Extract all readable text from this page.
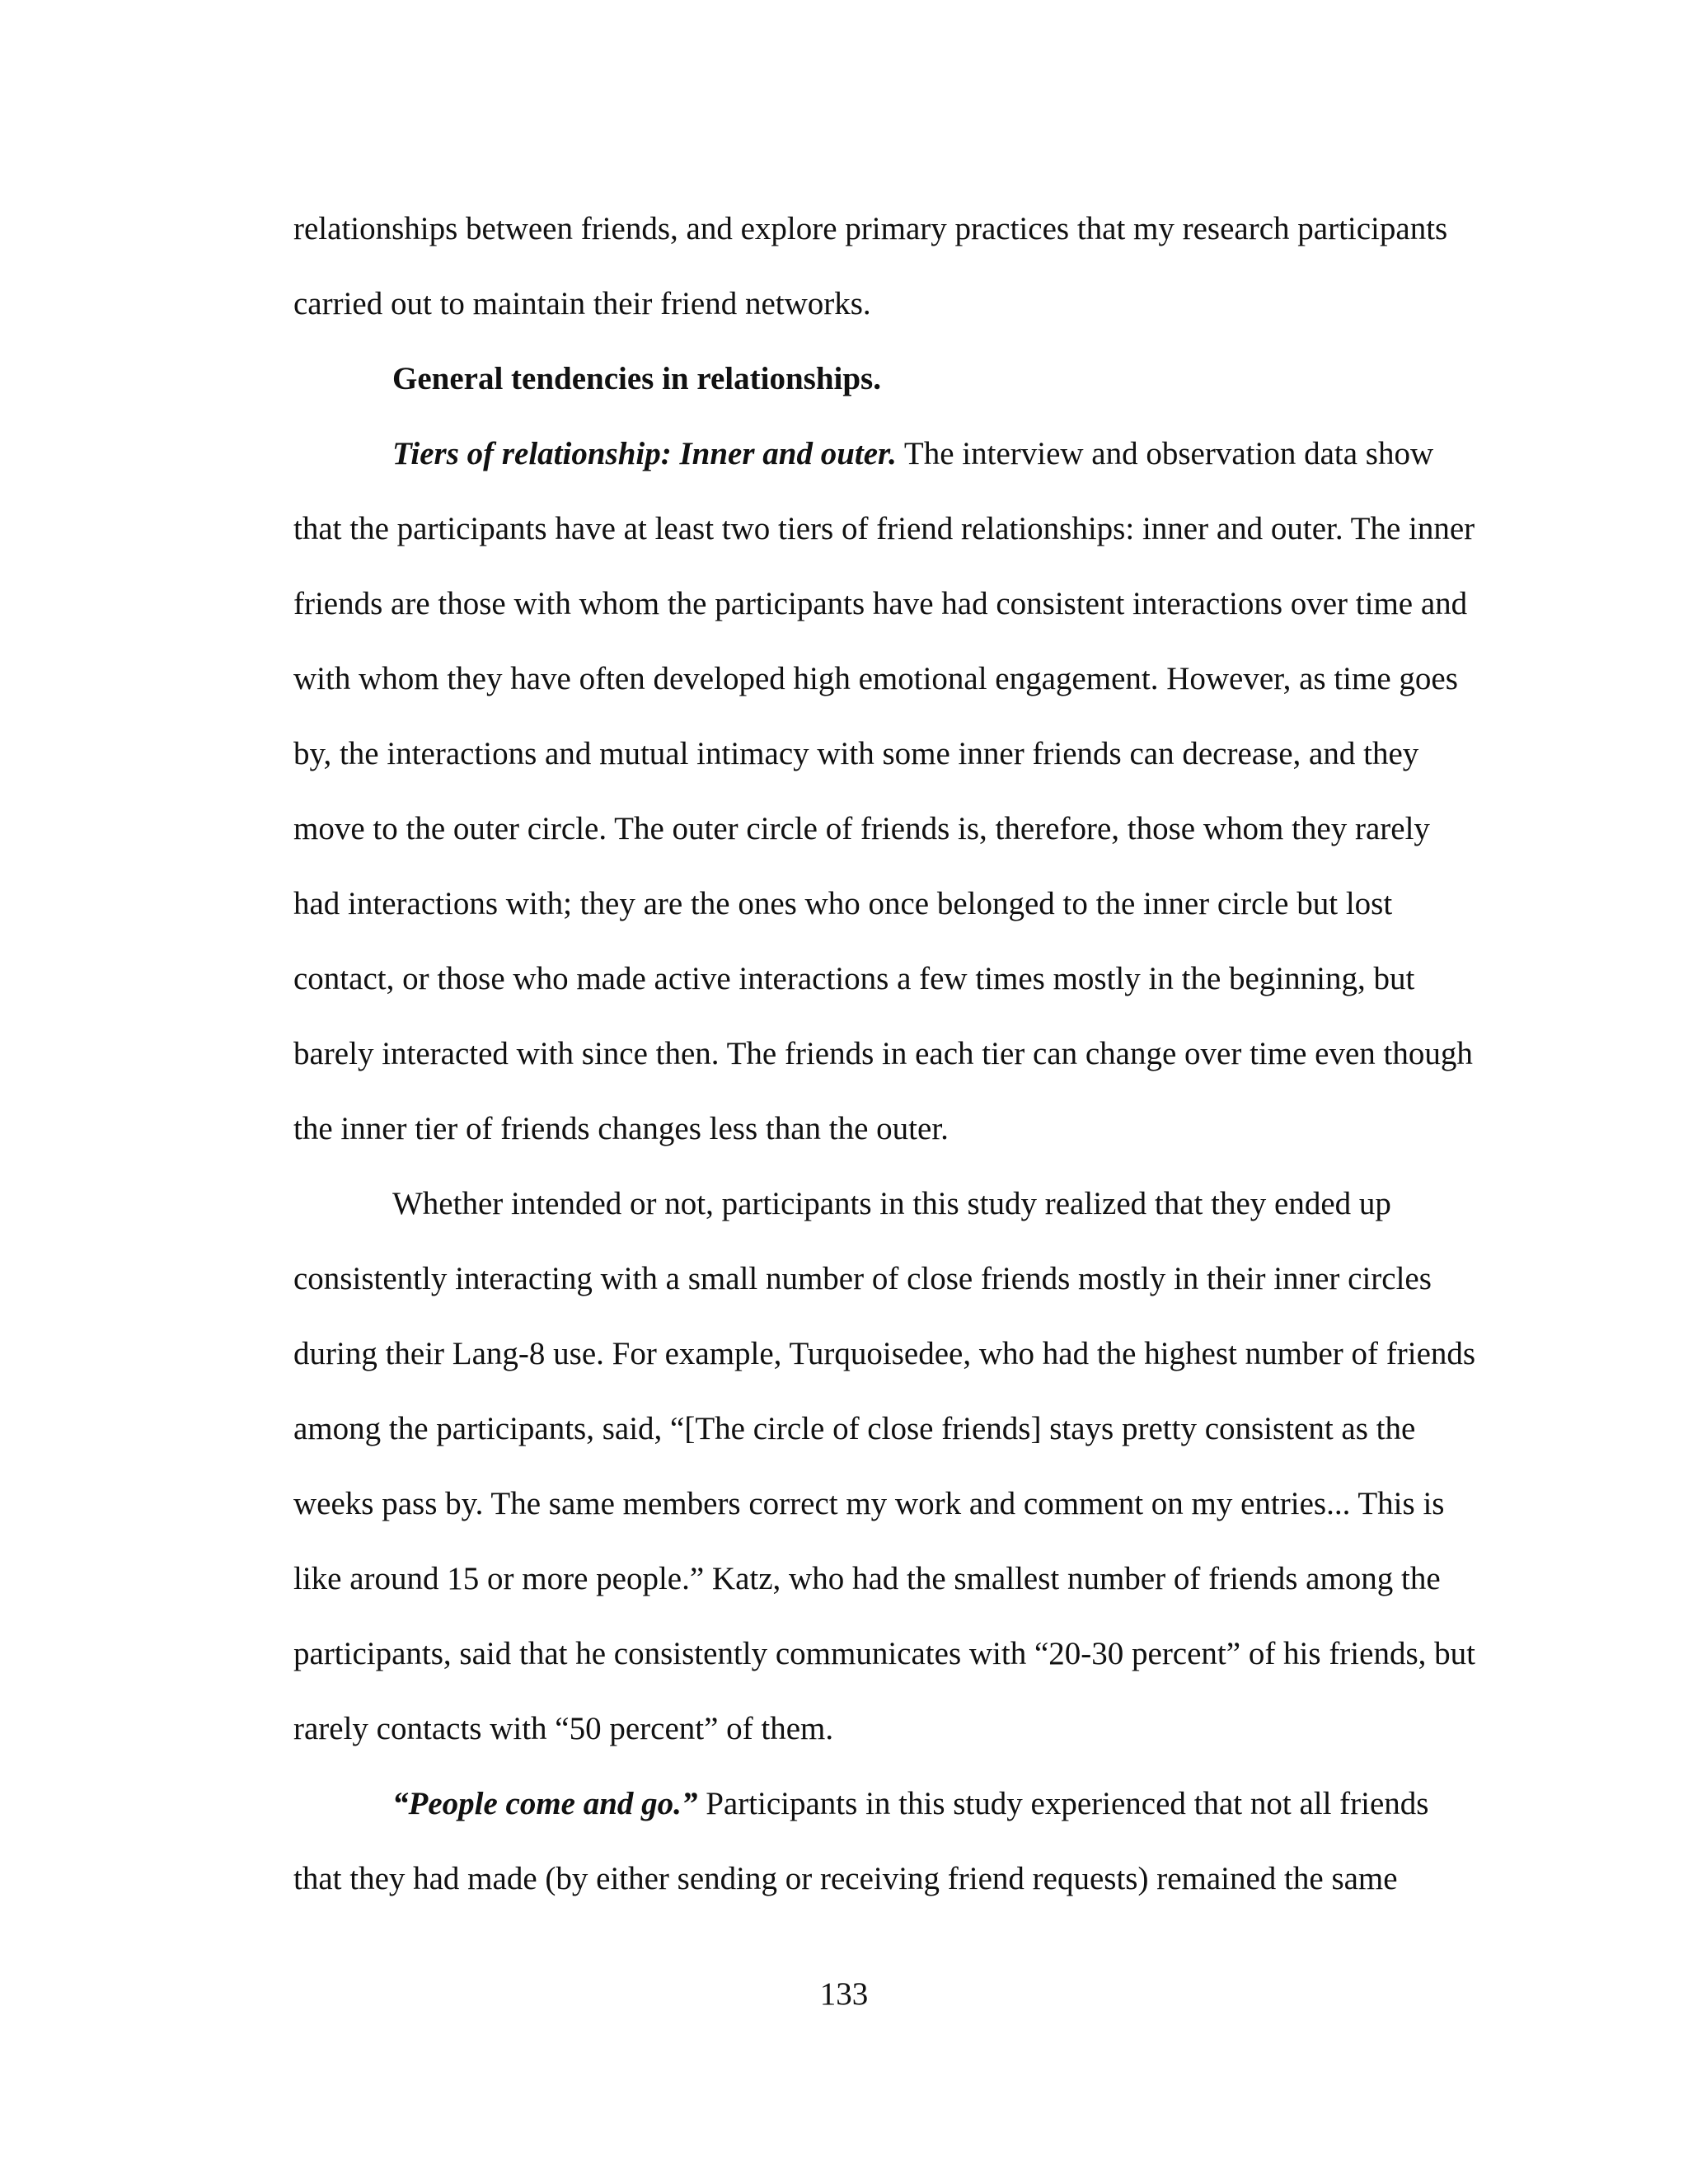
relationships between friends, and explore primary practices that my research participants carried out to maintain their friend networks.

General tendencies in relationships.

Tiers of relationship: Inner and outer. The interview and observation data show that the participants have at least two tiers of friend relationships: inner and outer. The inner friends are those with whom the participants have had consistent interactions over time and with whom they have often developed high emotional engagement. However, as time goes by, the interactions and mutual intimacy with some inner friends can decrease, and they move to the outer circle. The outer circle of friends is, therefore, those whom they rarely had interactions with; they are the ones who once belonged to the inner circle but lost contact, or those who made active interactions a few times mostly in the beginning, but barely interacted with since then. The friends in each tier can change over time even though the inner tier of friends changes less than the outer.

Whether intended or not, participants in this study realized that they ended up consistently interacting with a small number of close friends mostly in their inner circles during their Lang-8 use. For example, Turquoisedee, who had the highest number of friends among the participants, said, “[The circle of close friends] stays pretty consistent as the weeks pass by. The same members correct my work and comment on my entries... This is like around 15 or more people.” Katz, who had the smallest number of friends among the participants, said that he consistently communicates with “20-30 percent” of his friends, but rarely contacts with “50 percent” of them.

“People come and go.” Participants in this study experienced that not all friends that they had made (by either sending or receiving friend requests) remained the same

133
